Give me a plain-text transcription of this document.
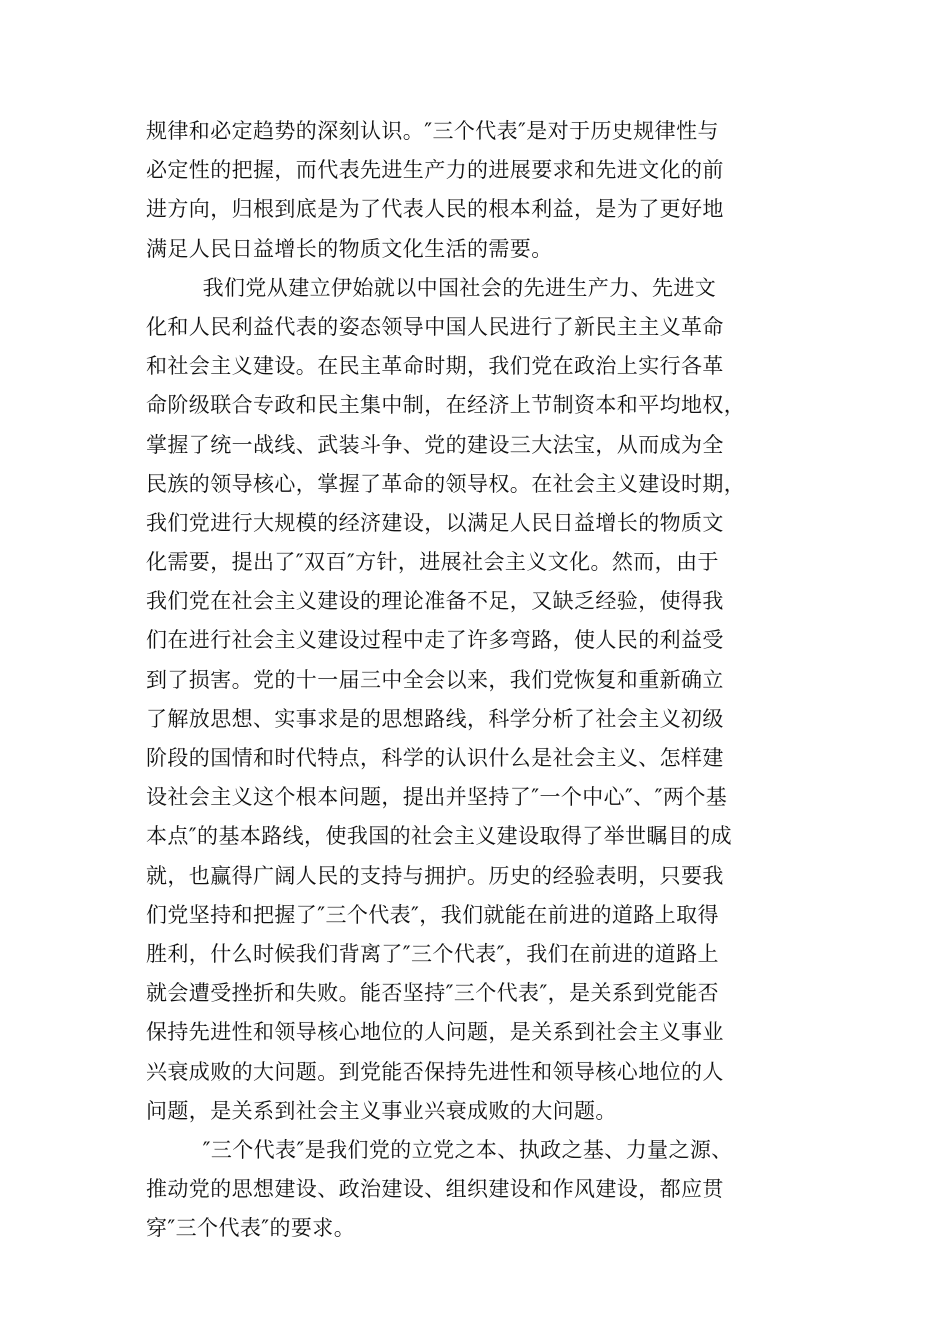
规律和必定趋势的深刻认识。″三个代表″是对于历史规律性与
必定性的把握，而代表先进生产力的进展要求和先进文化的前
进方向，归根到底是为了代表人民的根本利益，是为了更好地
满足人民日益增长的物质文化生活的需要。
我们党从建立伊始就以中国社会的先进生产力、先进文
化和人民利益代表的姿态领导中国人民进行了新民主主义革命
和社会主义建设。在民主革命时期，我们党在政治上实行各革
命阶级联合专政和民主集中制，在经济上节制资本和平均地权，
掌握了统一战线、武装斗争、党的建设三大法宝，从而成为全
民族的领导核心，掌握了革命的领导权。在社会主义建设时期，
我们党进行大规模的经济建设，以满足人民日益增长的物质文
化需要，提出了″双百″方针，进展社会主义文化。然而，由于
我们党在社会主义建设的理论准备不足，又缺乏经验，使得我
们在进行社会主义建设过程中走了许多弯路，使人民的利益受
到了损害。党的十一届三中全会以来，我们党恢复和重新确立
了解放思想、实事求是的思想路线，科学分析了社会主义初级
阶段的国情和时代特点，科学的认识什么是社会主义、怎样建
设社会主义这个根本问题，提出并坚持了″一个中心″、″两个基
本点″的基本路线，使我国的社会主义建设取得了举世瞩目的成
就，也赢得广阔人民的支持与拥护。历史的经验表明，只要我
们党坚持和把握了″三个代表″，我们就能在前进的道路上取得
胜利，什么时候我们背离了″三个代表″，我们在前进的道路上
就会遭受挫折和失败。能否坚持″三个代表″，是关系到党能否
保持先进性和领导核心地位的人问题，是关系到社会主义事业
兴衰成败的大问题。到党能否保持先进性和领导核心地位的人
问题，是关系到社会主义事业兴衰成败的大问题。
″三个代表″是我们党的立党之本、执政之基、力量之源、
推动党的思想建设、政治建设、组织建设和作风建设，都应贯
穿″三个代表″的要求。
